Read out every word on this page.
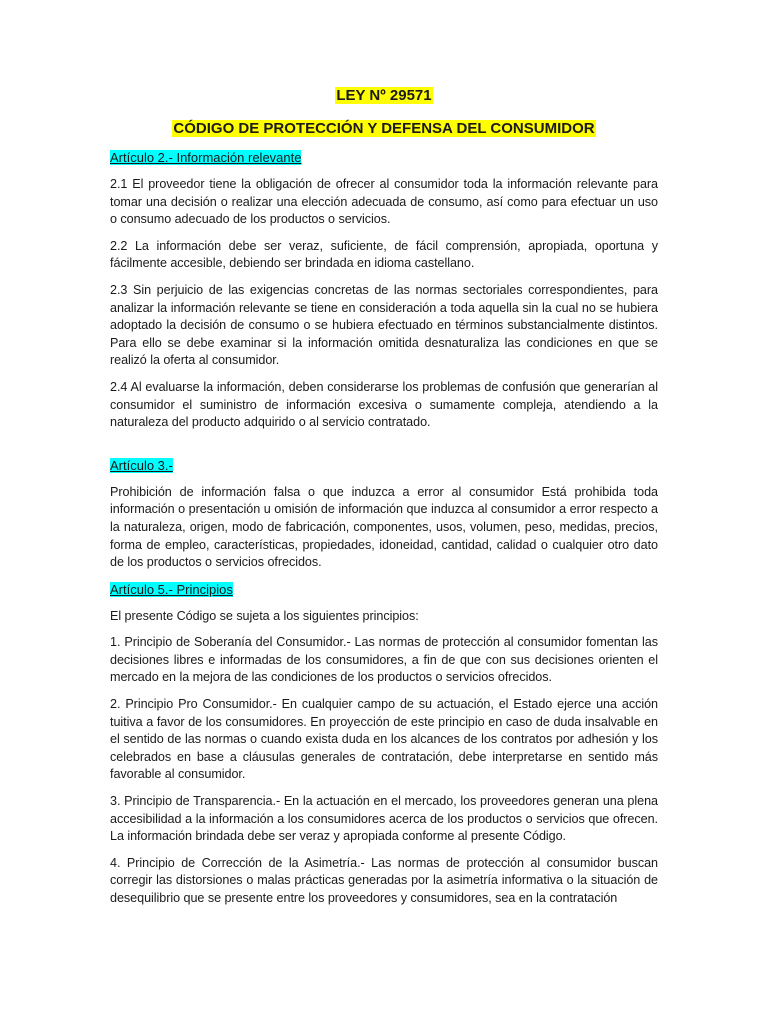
LEY Nº 29571
CÓDIGO DE PROTECCIÓN Y DEFENSA DEL CONSUMIDOR
Artículo 2.- Información relevante

2.1 El proveedor tiene la obligación de ofrecer al consumidor toda la información relevante para tomar una decisión o realizar una elección adecuada de consumo, así como para efectuar un uso o consumo adecuado de los productos o servicios.

2.2 La información debe ser veraz, suficiente, de fácil comprensión, apropiada, oportuna y fácilmente accesible, debiendo ser brindada en idioma castellano.

2.3 Sin perjuicio de las exigencias concretas de las normas sectoriales correspondientes, para analizar la información relevante se tiene en consideración a toda aquella sin la cual no se hubiera adoptado la decisión de consumo o se hubiera efectuado en términos substancialmente distintos. Para ello se debe examinar si la información omitida desnaturaliza las condiciones en que se realizó la oferta al consumidor.

2.4 Al evaluarse la información, deben considerarse los problemas de confusión que generarían al consumidor el suministro de información excesiva o sumamente compleja, atendiendo a la naturaleza del producto adquirido o al servicio contratado.

Artículo 3.-

Prohibición de información falsa o que induzca a error al consumidor Está prohibida toda información o presentación u omisión de información que induzca al consumidor a error respecto a la naturaleza, origen, modo de fabricación, componentes, usos, volumen, peso, medidas, precios, forma de empleo, características, propiedades, idoneidad, cantidad, calidad o cualquier otro dato de los productos o servicios ofrecidos.

Artículo 5.- Principios

El presente Código se sujeta a los siguientes principios:

1. Principio de Soberanía del Consumidor.- Las normas de protección al consumidor fomentan las decisiones libres e informadas de los consumidores, a fin de que con sus decisiones orienten el mercado en la mejora de las condiciones de los productos o servicios ofrecidos.

2. Principio Pro Consumidor.- En cualquier campo de su actuación, el Estado ejerce una acción tuitiva a favor de los consumidores. En proyección de este principio en caso de duda insalvable en el sentido de las normas o cuando exista duda en los alcances de los contratos por adhesión y los celebrados en base a cláusulas generales de contratación, debe interpretarse en sentido más favorable al consumidor.

3. Principio de Transparencia.- En la actuación en el mercado, los proveedores generan una plena accesibilidad a la información a los consumidores acerca de los productos o servicios que ofrecen. La información brindada debe ser veraz y apropiada conforme al presente Código.

4. Principio de Corrección de la Asimetría.- Las normas de protección al consumidor buscan corregir las distorsiones o malas prácticas generadas por la asimetría informativa o la situación de desequilibrio que se presente entre los proveedores y consumidores, sea en la contratación
